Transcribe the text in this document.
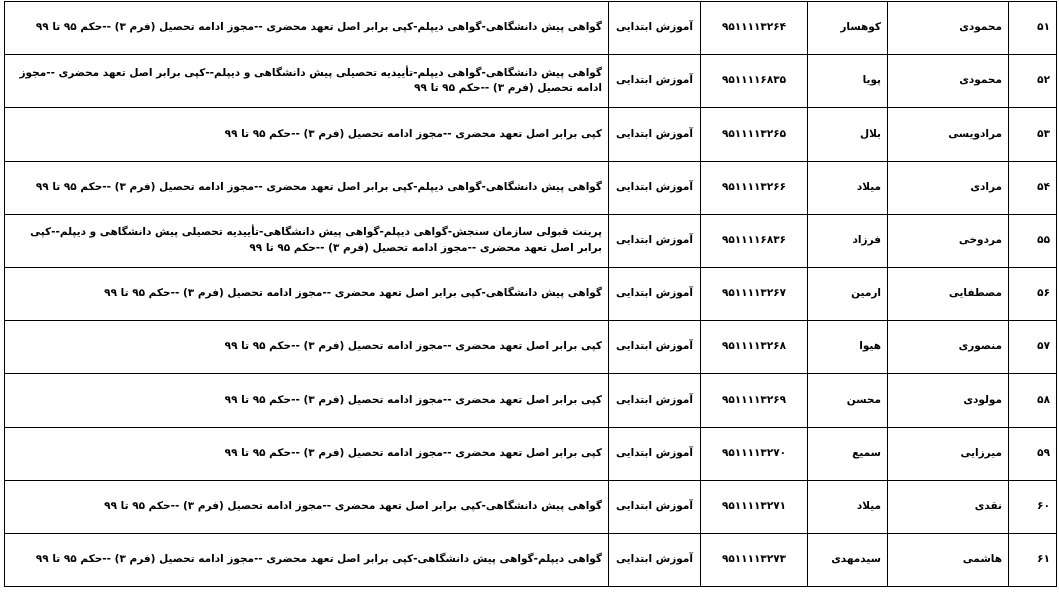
۵۱	محمودی	کوهسار	۹۵۱۱۱۱۳۲۶۴	آموزش ابتدایی	گواهی پیش دانشگاهی-گواهی دیپلم-کپی برابر اصل تعهد محضری --مجوز ادامه تحصیل (فرم ۳) --حکم ۹۵ تا ۹۹
۵۲	محمودی	پویا	۹۵۱۱۱۱۶۸۳۵	آموزش ابتدایی	گواهی پیش دانشگاهی-گواهی دیپلم-تأییدیه تحصیلی پیش دانشگاهی و دیپلم--کپی برابر اصل تعهد محضری --مجوز ادامه تحصیل (فرم ۳) --حکم ۹۵ تا ۹۹
۵۳	مرادویسی	بلال	۹۵۱۱۱۱۳۲۶۵	آموزش ابتدایی	کپی برابر اصل تعهد محضری --مجوز ادامه تحصیل (فرم ۳) --حکم ۹۵ تا ۹۹
۵۴	مرادی	میلاد	۹۵۱۱۱۱۳۲۶۶	آموزش ابتدایی	گواهی پیش دانشگاهی-گواهی دیپلم-کپی برابر اصل تعهد محضری --مجوز ادامه تحصیل (فرم ۳) --حکم ۹۵ تا ۹۹
۵۵	مردوخی	فرزاد	۹۵۱۱۱۱۶۸۳۶	آموزش ابتدایی	پرینت قبولی سازمان سنجش-گواهی دیپلم-گواهی پیش دانشگاهی-تأییدیه تحصیلی پیش دانشگاهی و دیپلم--کپی برابر اصل تعهد محضری --مجوز ادامه تحصیل (فرم ۳) --حکم ۹۵ تا ۹۹
۵۶	مصطفایی	ارمین	۹۵۱۱۱۱۳۲۶۷	آموزش ابتدایی	گواهی پیش دانشگاهی-کپی برابر اصل تعهد محضری --مجوز ادامه تحصیل (فرم ۳) --حکم ۹۵ تا ۹۹
۵۷	منصوری	هیوا	۹۵۱۱۱۱۳۲۶۸	آموزش ابتدایی	کپی برابر اصل تعهد محضری --مجوز ادامه تحصیل (فرم ۳) --حکم ۹۵ تا ۹۹
۵۸	مولودی	محسن	۹۵۱۱۱۱۳۲۶۹	آموزش ابتدایی	کپی برابر اصل تعهد محضری --مجوز ادامه تحصیل (فرم ۳) --حکم ۹۵ تا ۹۹
۵۹	میرزایی	سمیع	۹۵۱۱۱۱۳۲۷۰	آموزش ابتدایی	کپی برابر اصل تعهد محضری --مجوز ادامه تحصیل (فرم ۳) --حکم ۹۵ تا ۹۹
۶۰	نقدی	میلاد	۹۵۱۱۱۱۳۲۷۱	آموزش ابتدایی	گواهی پیش دانشگاهی-کپی برابر اصل تعهد محضری --مجوز ادامه تحصیل (فرم ۳) --حکم ۹۵ تا ۹۹
۶۱	هاشمی	سیدمهدی	۹۵۱۱۱۱۳۲۷۳	آموزش ابتدایی	گواهی دیپلم-گواهی پیش دانشگاهی-کپی برابر اصل تعهد محضری --مجوز ادامه تحصیل (فرم ۳) --حکم ۹۵ تا ۹۹
